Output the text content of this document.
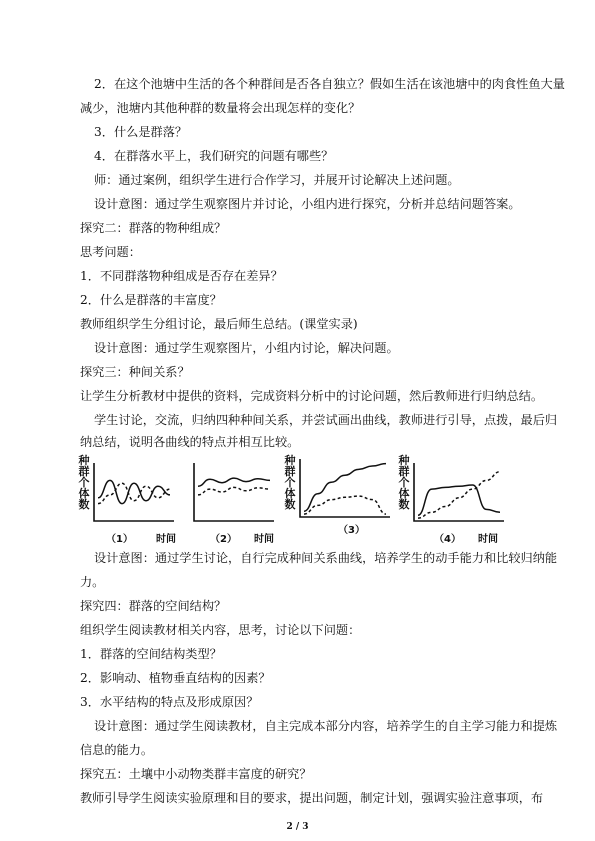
2．在这个池塘中生活的各个种群间是否各自独立？假如生活在该池塘中的肉食性鱼大量
减少，池塘内其他种群的数量将会出现怎样的变化？
3．什么是群落？
4．在群落水平上，我们研究的问题有哪些？
师：通过案例，组织学生进行合作学习，并展开讨论解决上述问题。
设计意图：通过学生观察图片并讨论，小组内进行探究，分析并总结问题答案。
探究二：群落的物种组成？
思考问题：
1．不同群落物种组成是否存在差异？
2．什么是群落的丰富度？
教师组织学生分组讨论，最后师生总结。(课堂实录)
设计意图：通过学生观察图片，小组内讨论，解决问题。
探究三：种间关系？
让学生分析教材中提供的资料，完成资料分析中的讨论问题，然后教师进行归纳总结。
学生讨论，交流，归纳四种种间关系，并尝试画出曲线，教师进行引导，点拨，最后归
纳总结，说明各曲线的特点并相互比较。
种群个体数
（1） 时间	（2） 时间
种群个体数
（3）
种群个体数
（4） 时间
设计意图：通过学生讨论，自行完成种间关系曲线，培养学生的动手能力和比较归纳能
力。
探究四：群落的空间结构？
组织学生阅读教材相关内容，思考，讨论以下问题：
1．群落的空间结构类型？
2．影响动、植物垂直结构的因素？
3．水平结构的特点及形成原因？
设计意图：通过学生阅读教材，自主完成本部分内容，培养学生的自主学习能力和提炼
信息的能力。
探究五：土壤中小动物类群丰富度的研究？
教师引导学生阅读实验原理和目的要求，提出问题，制定计划，强调实验注意事项，布
2 / 3
